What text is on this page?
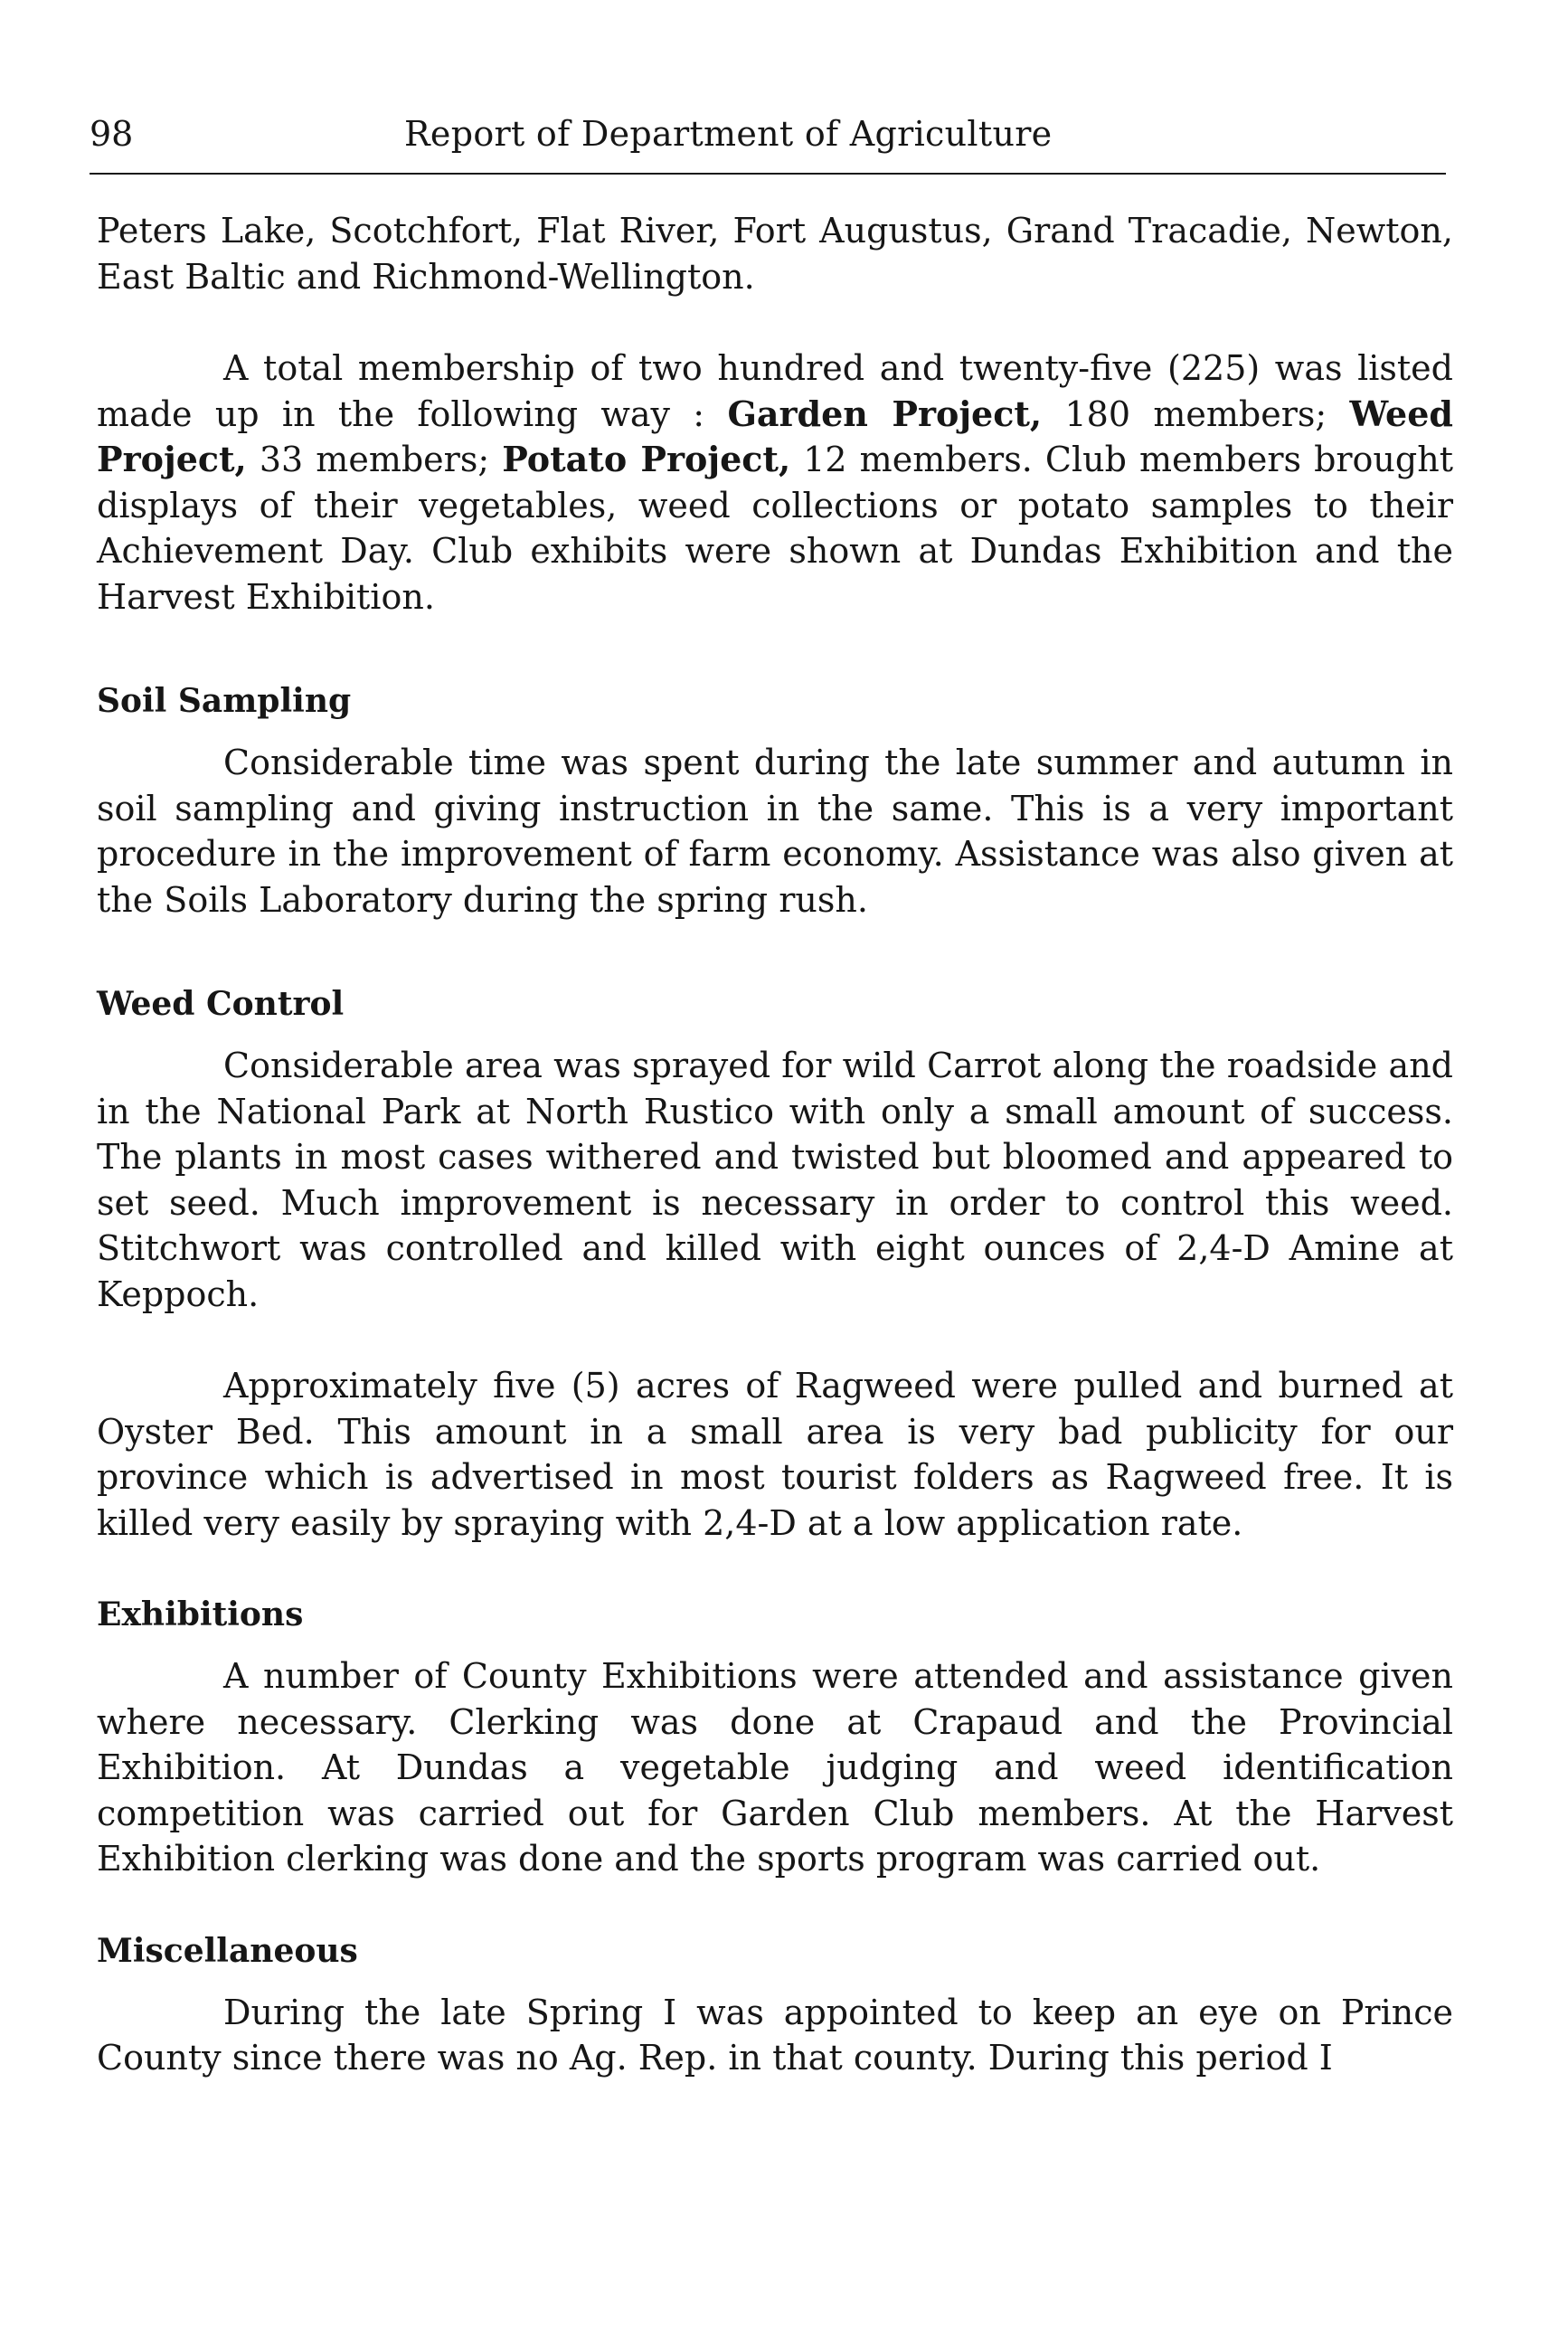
98	Report of Department of Agriculture

Peters Lake, Scotchfort, Flat River, Fort Augustus, Grand Tracadie, Newton, East Baltic and Richmond-Wellington.

A total membership of two hundred and twenty-five (225) was listed made up in the following way : Garden Project, 180 members; Weed Project, 33 members; Potato Project, 12 members. Club members brought displays of their vegetables, weed collections or potato samples to their Achievement Day. Club exhibits were shown at Dundas Exhibition and the Harvest Exhibition.

Soil Sampling

Considerable time was spent during the late summer and autumn in soil sampling and giving instruction in the same. This is a very important procedure in the improvement of farm economy. Assistance was also given at the Soils Laboratory during the spring rush.

Weed Control

Considerable area was sprayed for wild Carrot along the roadside and in the National Park at North Rustico with only a small amount of success. The plants in most cases withered and twisted but bloomed and appeared to set seed. Much improvement is necessary in order to control this weed. Stitchwort was controlled and killed with eight ounces of 2,4-D Amine at Keppoch.

Approximately five (5) acres of Ragweed were pulled and burned at Oyster Bed. This amount in a small area is very bad publicity for our province which is advertised in most tourist folders as Ragweed free. It is killed very easily by spraying with 2,4-D at a low application rate.

Exhibitions

A number of County Exhibitions were attended and assistance given where necessary. Clerking was done at Crapaud and the Provincial Exhibition. At Dundas a vegetable judging and weed identification competition was carried out for Garden Club members. At the Harvest Exhibition clerking was done and the sports program was carried out.

Miscellaneous

During the late Spring I was appointed to keep an eye on Prince County since there was no Ag. Rep. in that county. During this period I
